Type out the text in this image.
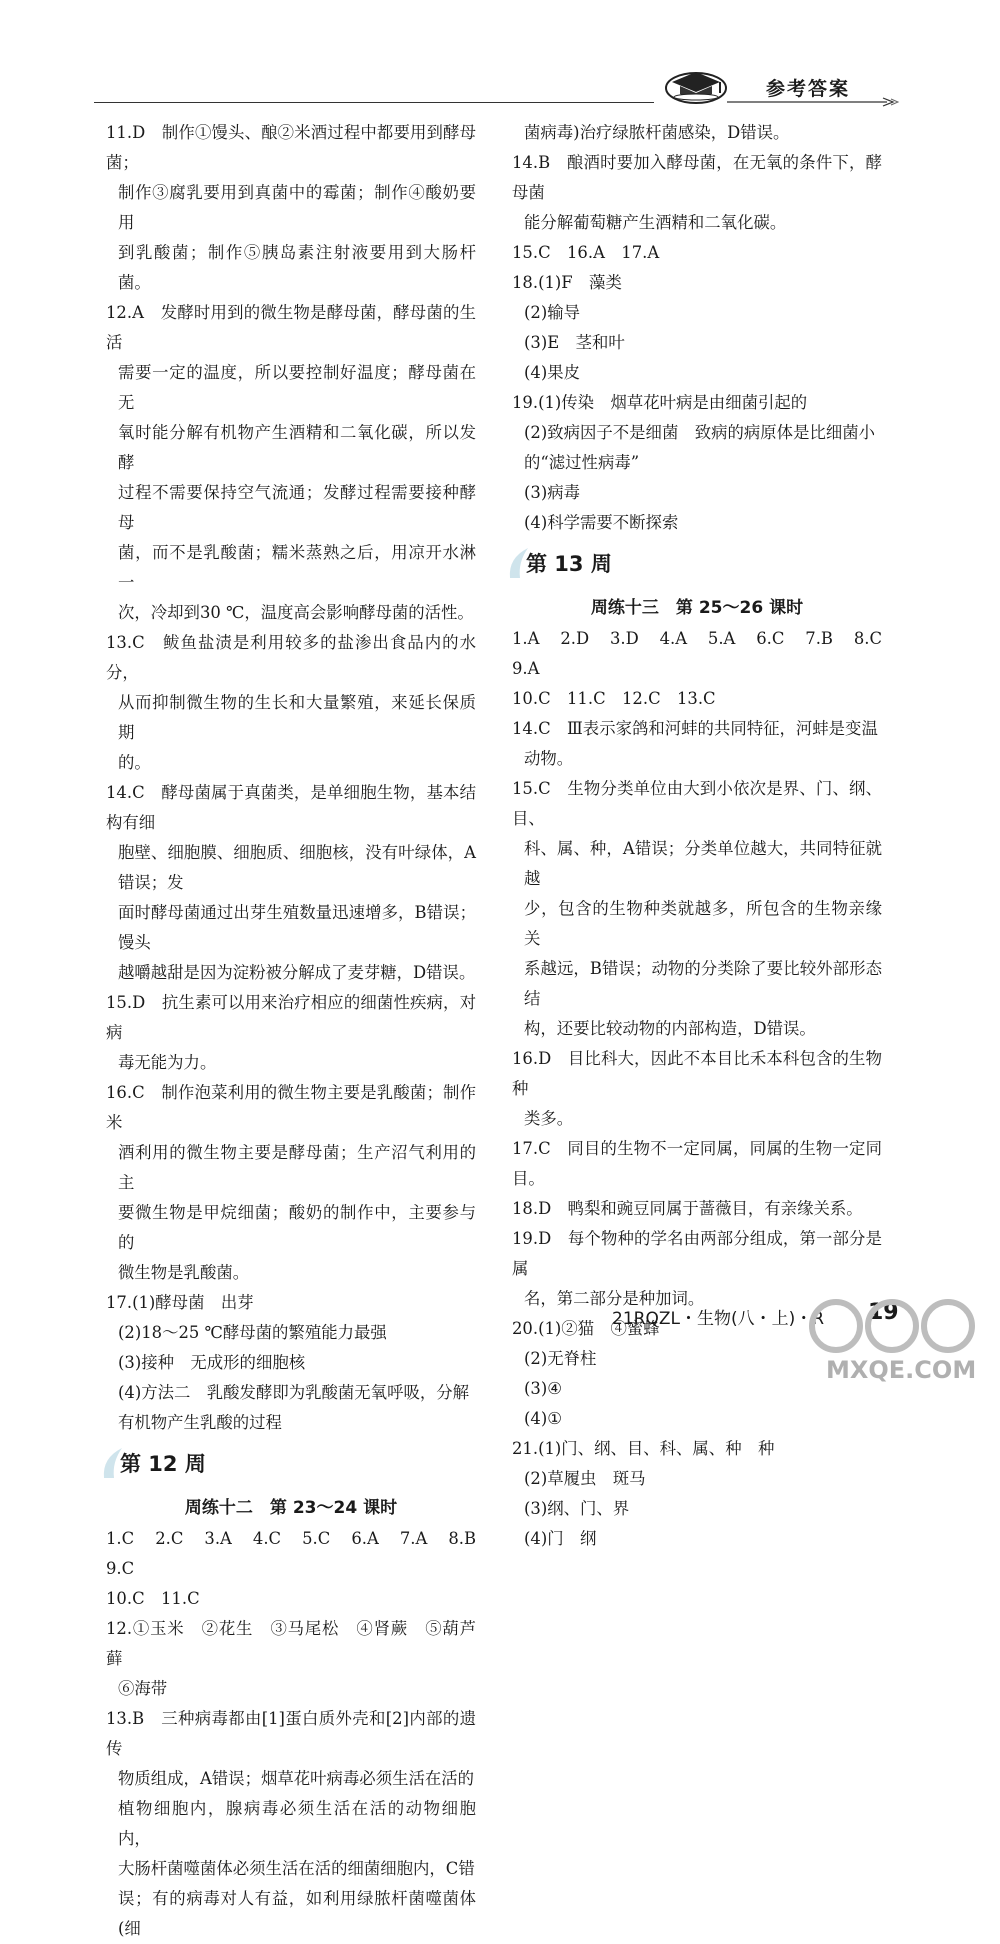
参考答案

11.D　制作①馒头、酿②米酒过程中都要用到酵母菌；

制作③腐乳要用到真菌中的霉菌；制作④酸奶要用

到乳酸菌；制作⑤胰岛素注射液要用到大肠杆菌。

12.A　发酵时用到的微生物是酵母菌，酵母菌的生活

需要一定的温度，所以要控制好温度；酵母菌在无

氧时能分解有机物产生酒精和二氧化碳，所以发酵

过程不需要保持空气流通；发酵过程需要接种酵母

菌，而不是乳酸菌；糯米蒸熟之后，用凉开水淋一

次，冷却到30 ℃，温度高会影响酵母菌的活性。

13.C　鲅鱼盐渍是利用较多的盐渗出食品内的水分，

从而抑制微生物的生长和大量繁殖，来延长保质期

的。

14.C　酵母菌属于真菌类，是单细胞生物，基本结构有细

胞壁、细胞膜、细胞质、细胞核，没有叶绿体，A错误；发

面时酵母菌通过出芽生殖数量迅速增多，B错误；馒头

越嚼越甜是因为淀粉被分解成了麦芽糖，D错误。

15.D　抗生素可以用来治疗相应的细菌性疾病，对病

毒无能为力。

16.C　制作泡菜利用的微生物主要是乳酸菌；制作米

酒利用的微生物主要是酵母菌；生产沼气利用的主

要微生物是甲烷细菌；酸奶的制作中，主要参与的

微生物是乳酸菌。

17.(1)酵母菌　出芽

(2)18～25 ℃酵母菌的繁殖能力最强

(3)接种　无成形的细胞核

(4)方法二　乳酸发酵即为乳酸菌无氧呼吸，分解

有机物产生乳酸的过程

第 12 周
周练十二　第 23～24 课时

1.C　2.C　3.A　4.C　5.C　6.A　7.A　8.B　9.C

10.C　11.C

12.①玉米　②花生　③马尾松　④肾蕨　⑤葫芦藓

⑥海带

13.B　三种病毒都由[1]蛋白质外壳和[2]内部的遗传

物质组成，A错误；烟草花叶病毒必须生活在活的

植物细胞内，腺病毒必须生活在活的动物细胞内，

大肠杆菌噬菌体必须生活在活的细菌细胞内，C错

误；有的病毒对人有益，如利用绿脓杆菌噬菌体(细

菌病毒)治疗绿脓杆菌感染，D错误。

14.B　酿酒时要加入酵母菌，在无氧的条件下，酵母菌

能分解葡萄糖产生酒精和二氧化碳。

15.C　16.A　17.A

18.(1)F　藻类

(2)输导

(3)E　茎和叶

(4)果皮

19.(1)传染　烟草花叶病是由细菌引起的

(2)致病因子不是细菌　致病的病原体是比细菌小

的“滤过性病毒”

(3)病毒

(4)科学需要不断探索

第 13 周
周练十三　第 25～26 课时

1.A　2.D　3.D　4.A　5.A　6.C　7.B　8.C　9.A

10.C　11.C　12.C　13.C

14.C　Ⅲ表示家鸽和河蚌的共同特征，河蚌是变温

动物。

15.C　生物分类单位由大到小依次是界、门、纲、目、

科、属、种，A错误；分类单位越大，共同特征就越

少，包含的生物种类就越多，所包含的生物亲缘关

系越远，B错误；动物的分类除了要比较外部形态结

构，还要比较动物的内部构造，D错误。

16.D　目比科大，因此不本目比禾本科包含的生物种

类多。

17.C　同目的生物不一定同属，同属的生物一定同目。

18.D　鸭梨和豌豆同属于蔷薇目，有亲缘关系。

19.D　每个物种的学名由两部分组成，第一部分是属

名，第二部分是种加词。

20.(1)②猫　④蜜蜂

(2)无脊柱

(3)④

(4)①

21.(1)门、纲、目、科、属、种　种

(2)草履虫　斑马

(3)纲、门、界

(4)门　纲

21RQZL・生物(八・上)・R 19
MXQE.COM
